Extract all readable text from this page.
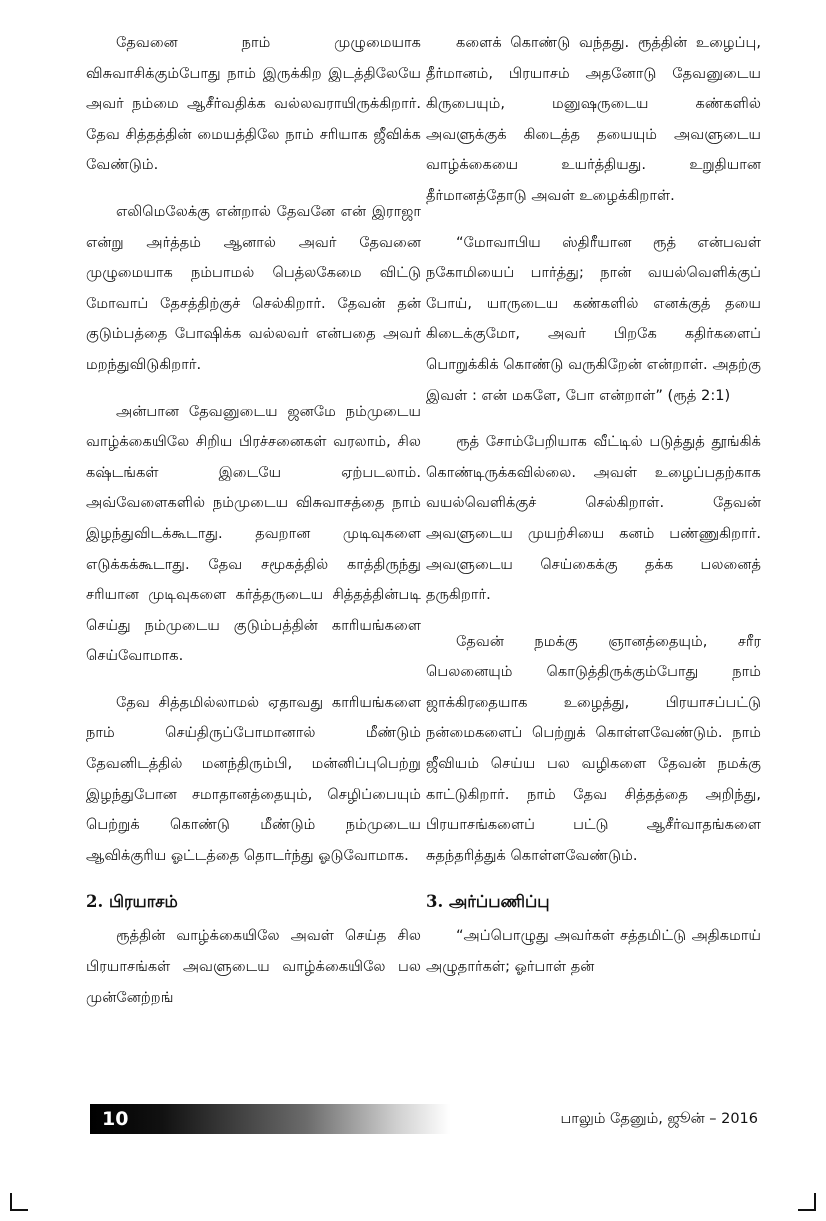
தேவனை நாம் முழுமையாக விசுவாசிக்கும்போது நாம் இருக்கிற இடத்திலேயே அவர் நம்மை ஆசீர்வதிக்க வல்லவராயிருக்கிறார். தேவ சித்தத்தின் மையத்திலே நாம் சரியாக ஜீவிக்க வேண்டும்.

எலிமெலேக்கு என்றால் தேவனே என் இராஜா என்று அர்த்தம் ஆனால் அவர் தேவனை முழுமையாக நம்பாமல் பெத்லகேமை விட்டு மோவாப் தேசத்திற்குச் செல்கிறார். தேவன் தன் குடும்பத்தை போஷிக்க வல்லவர் என்பதை அவர் மறந்துவிடுகிறார்.

அன்பான தேவனுடைய ஜனமே நம்முடைய வாழ்க்கையிலே சிறிய பிரச்சனைகள் வரலாம், சில கஷ்டங்கள் இடையே ஏற்படலாம். அவ்வேளைகளில் நம்முடைய விசுவாசத்தை நாம் இழந்துவிடக்கூடாது. தவறான முடிவுகளை எடுக்கக்கூடாது. தேவ சமூகத்தில் காத்திருந்து சரியான முடிவுகளை கர்த்தருடைய சித்தத்தின்படி செய்து நம்முடைய குடும்பத்தின் காரியங்களை செய்வோமாக.

தேவ சித்தமில்லாமல் ஏதாவது காரியங்களை நாம் செய்திருப்போமானால் மீண்டும் தேவனிடத்தில் மனந்திரும்பி, மன்னிப்புபெற்று இழந்துபோன சமாதானத்தையும், செழிப்பையும் பெற்றுக் கொண்டு மீண்டும் நம்முடைய ஆவிக்குரிய ஓட்டத்தை தொடர்ந்து ஓடுவோமாக.

2. பிரயாசம்

ரூத்தின் வாழ்க்கையிலே அவள் செய்த சில பிரயாசங்கள் அவளுடைய வாழ்க்கையிலே பல முன்னேற்றங்

களைக் கொண்டு வந்தது. ரூத்தின் உழைப்பு, தீர்மானம், பிரயாசம் அதனோடு தேவனுடைய கிருபையும், மனுஷருடைய கண்களில் அவளுக்குக் கிடைத்த தயையும் அவளுடைய வாழ்க்கையை உயர்த்தியது. உறுதியான தீர்மானத்தோடு அவள் உழைக்கிறாள்.

“மோவாபிய ஸ்திரீயான ரூத் என்பவள் நகோமியைப் பார்த்து; நான் வயல்வெளிக்குப் போய், யாருடைய கண்களில் எனக்குத் தயை கிடைக்குமோ, அவர் பிறகே கதிர்களைப் பொறுக்கிக் கொண்டு வருகிறேன் என்றாள். அதற்கு இவள் : என் மகளே, போ என்றாள்” (ரூத் 2:1)

ரூத் சோம்பேறியாக வீட்டில் படுத்துத் தூங்கிக் கொண்டிருக்கவில்லை. அவள் உழைப்பதற்காக வயல்வெளிக்குச் செல்கிறாள். தேவன் அவளுடைய முயற்சியை கனம் பண்ணுகிறார். அவளுடைய செய்கைக்கு தக்க பலனைத் தருகிறார்.

தேவன் நமக்கு ஞானத்தையும், சரீர பெலனையும் கொடுத்திருக்கும்போது நாம் ஜாக்கிரதையாக உழைத்து, பிரயாசப்பட்டு நன்மைகளைப் பெற்றுக் கொள்ளவேண்டும். நாம் ஜீவியம் செய்ய பல வழிகளை தேவன் நமக்கு காட்டுகிறார். நாம் தேவ சித்தத்தை அறிந்து, பிரயாசங்களைப் பட்டு ஆசீர்வாதங்களை சுதந்தரித்துக் கொள்ளவேண்டும்.

3. அர்ப்பணிப்பு

“அப்பொழுது அவர்கள் சத்தமிட்டு அதிகமாய் அழுதார்கள்; ஓர்பாள் தன்

10	பாலும் தேனும், ஜூன் – 2016
